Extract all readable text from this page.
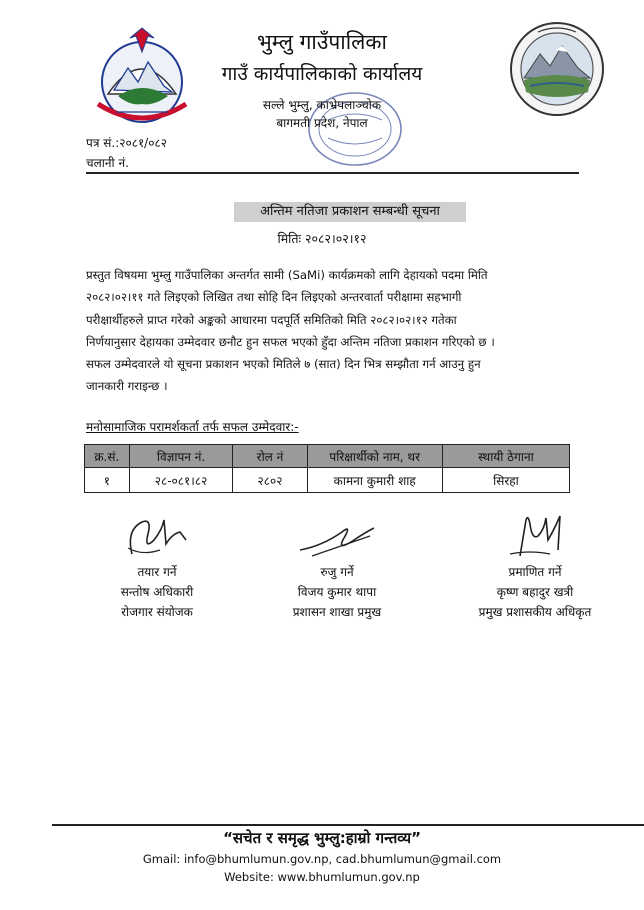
भुम्लु गाउँपालिका
गाउँ कार्यपालिकाको कार्यालय
सल्ले भुम्लु, काभ्रेपलाञ्चोक
बागमती प्रदेश, नेपाल
पत्र सं.:२०८१/०८२
चलानी नं.
अन्तिम नतिजा प्रकाशन सम्बन्धी सूचना
मितिः २०८२।०२।१२
प्रस्तुत विषयमा भुम्लु गाउँपालिका अन्तर्गत सामी (SaMi) कार्यक्रमको लागि देहायको पदमा मिति
२०८२।०२।११ गते लिइएको लिखित तथा सोहि दिन लिइएको अन्तरवार्ता परीक्षामा सहभागी
परीक्षार्थीहरुले प्राप्त गरेको अङ्कको आधारमा पदपूर्ति समितिको मिति २०८२।०२।१२ गतेका
निर्णयानुसार देहायका उम्मेदवार छनौट हुन सफल भएको हुँदा अन्तिम नतिजा प्रकाशन गरिएको छ ।
सफल उम्मेदवारले यो सूचना प्रकाशन भएको मितिले ७ (सात) दिन भित्र सम्झौता गर्न आउनु हुन
जानकारी गराइन्छ ।
मनोसामाजिक परामर्शकर्ता तर्फ सफल उम्मेदवार:-
क्र.सं.	विज्ञापन नं.	रोल नं	परिक्षार्थीको नाम, थर	स्थायी ठेगाना
१	२८-०८१।८२	२८०२	कामना कुमारी शाह	सिरहा
तयार गर्ने
सन्तोष अधिकारी
रोजगार संयोजक
रुजु गर्ने
विजय कुमार थापा
प्रशासन शाखा प्रमुख
प्रमाणित गर्ने
कृष्ण बहादुर खत्री
प्रमुख प्रशासकीय अधिकृत
“सचेत र समृद्ध भुम्लु:हाम्रो गन्तव्य”
Gmail: info@bhumlumun.gov.np, cad.bhumlumun@gmail.com
Website: www.bhumlumun.gov.np
